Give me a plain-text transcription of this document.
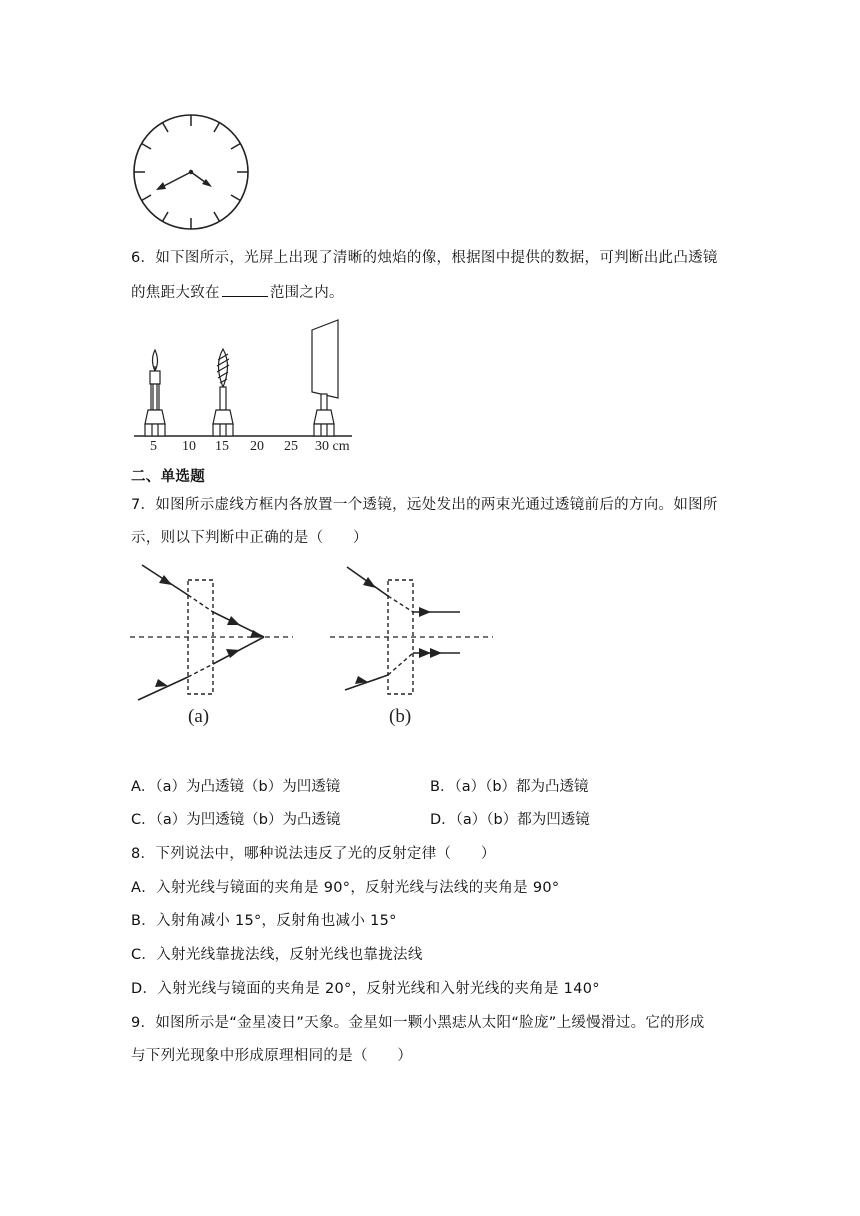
6．如下图所示，光屏上出现了清晰的烛焰的像，根据图中提供的数据，可判断出此凸透镜
的焦距大致在	范围之内。
5 10 15 20 25 30 cm
二、单选题
7．如图所示虚线方框内各放置一个透镜，远处发出的两束光通过透镜前后的方向。如图所
示，则以下判断中正确的是（　　）
(a)	(b)
A．（a）为凸透镜（b）为凹透镜	B．（a）（b）都为凸透镜
C．（a）为凹透镜（b）为凸透镜	D．（a）（b）都为凹透镜
8．下列说法中，哪种说法违反了光的反射定律（　　）
A．入射光线与镜面的夹角是 90°，反射光线与法线的夹角是 90°
B．入射角减小 15°，反射角也减小 15°
C．入射光线靠拢法线，反射光线也靠拢法线
D．入射光线与镜面的夹角是 20°，反射光线和入射光线的夹角是 140°
9．如图所示是“金星凌日”天象。金星如一颗小黑痣从太阳“脸庞”上缓慢滑过。它的形成
与下列光现象中形成原理相同的是（　　）
